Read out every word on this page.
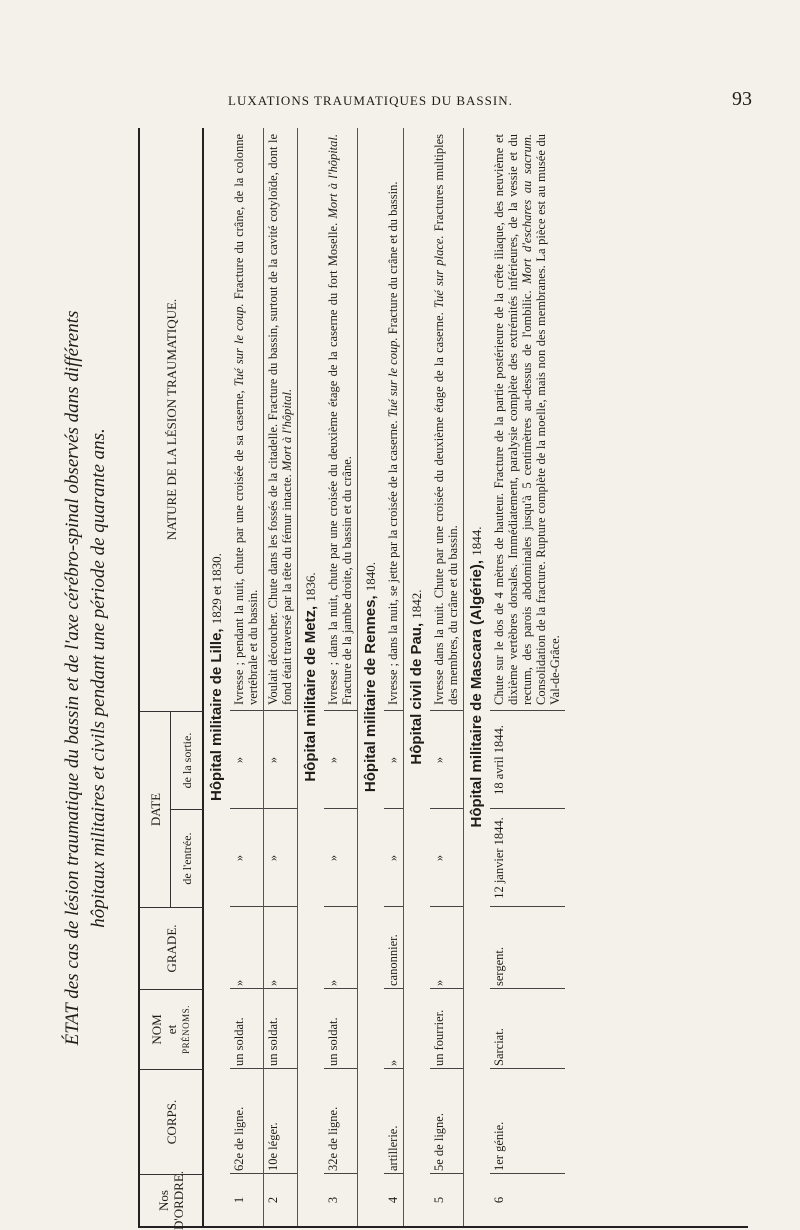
LUXATIONS TRAUMATIQUES DU BASSIN.	93
ÉTAT des cas de lésion traumatique du bassin et de l'axe cérébro-spinal observés dans différents hôpitaux militaires et civils pendant une période de quarante ans.
Nos D'ORDRE.
CORPS.
NOM et PRÉNOMS.
GRADE.
DATE
de l'entrée.
de la sortie.
NATURE DE LA LÉSION TRAUMATIQUE.
Hôpital militaire de Lille, 1829 et 1830.
1
62e de ligne.
un soldat.
»
»
»
Ivresse ; pendant la nuit, chute par une croisée de sa caserne, Tué sur le coup. Fracture du crâne, de la colonne vertébrale et du bassin.
2
10e léger.
un soldat.
»
»
»
Voulait découcher. Chute dans les fossés de la citadelle. Fracture du bassin, surtout de la cavité cotyloïde, dont le fond était traversé par la tête du fémur intacte. Mort à l'hôpital.
Hôpital militaire de Metz, 1836.
3
32e de ligne.
un soldat.
»
»
»
Ivresse ; dans la nuit, chute par une croisée du deuxième étage de la caserne du fort Moselle. Mort à l'hôpital. Fracture de la jambe droite, du bassin et du crâne. Hôpital militaire de Rennes, 1840.
4
artillerie.
»
canonnier.
»
»
Ivresse ; dans la nuit, se jette par la croisée de la caserne. Tué sur le coup. Fracture du crâne et du bassin.
Hôpital civil de Pau, 1842.
5
5e de ligne.
un fourrier.
»
»
»
Ivresse dans la nuit. Chute par une croisée du deuxième étage de la caserne. Tué sur place. Fractures multiples des membres, du crâne et du bassin. Hôpital militaire de Mascara (Algérie), 1844.
6
1er génie.
Sarciat.
sergent.
12 janvier 1844.
18 avril 1844.
Chute sur le dos de 4 mètres de hauteur. Fracture de la partie postérieure de la crête iliaque, des neuvième et dixième vertèbres dorsales. Immédiatement, paralysie complète des extrémités inférieures, de la vessie et du rectum, des parois abdominales jusqu'à 5 centimètres au-dessus de l'ombilic. Mort d'eschares au sacrum. Consolidation de la fracture. Rupture complète de la moelle, mais non des membranes. La pièce est au musée du Val-de-Grâce.
